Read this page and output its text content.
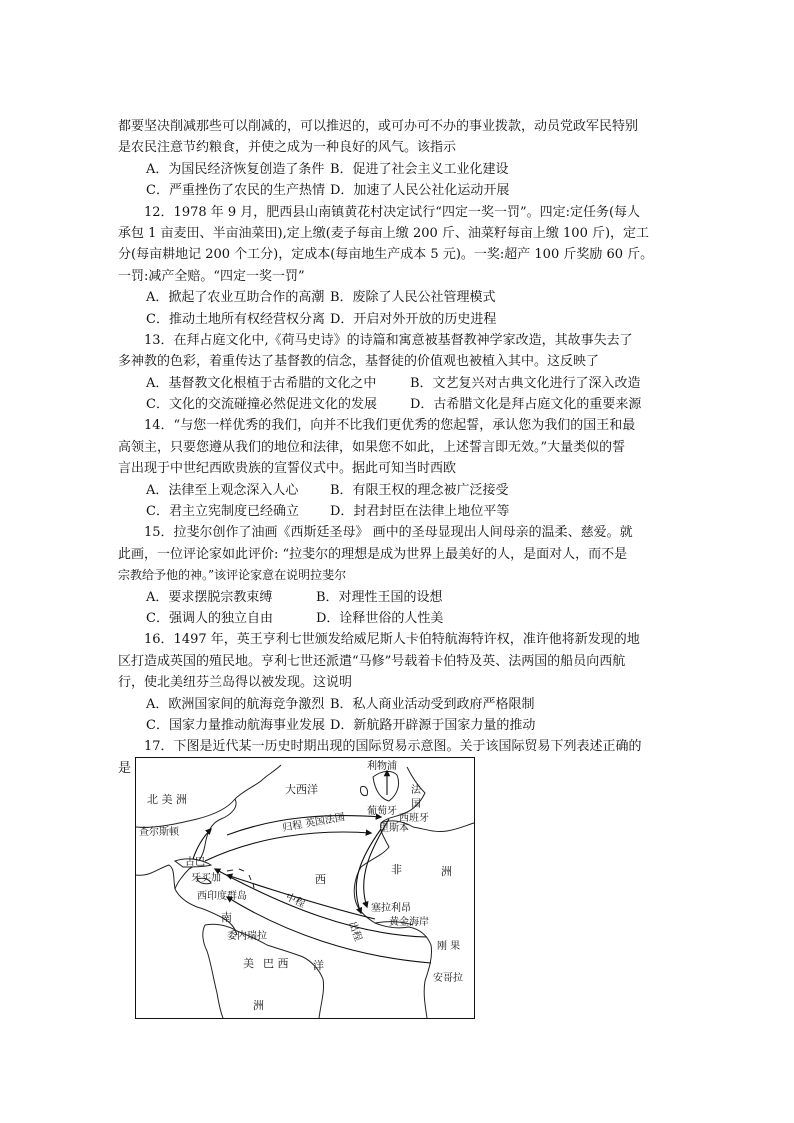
都要坚决削减那些可以削减的，可以推迟的，或可办可不办的事业拨款，动员党政军民特别
是农民注意节约粮食，并使之成为一种良好的风气。该指示
A．为国民经济恢复创造了条件 B．促进了社会主义工业化建设
C．严重挫伤了农民的生产热情 D．加速了人民公社化运动开展
12．1978 年 9 月，肥西县山南镇黄花村决定试行“四定一奖一罚”。四定:定任务(每人
承包 1 亩麦田、半亩油菜田),定上缴(麦子每亩上缴 200 斤、油菜籽每亩上缴 100 斤)，定工
分(每亩耕地记 200 个工分)，定成本(每亩地生产成本 5 元)。一奖:超产 100 斤奖励 60 斤。
一罚:减产全赔。“四定一奖一罚”
A．掀起了农业互助合作的高潮 B．废除了人民公社管理模式
C．推动土地所有权经营权分离 D．开启对外开放的历史进程
13．在拜占庭文化中,《荷马史诗》的诗篇和寓意被基督教神学家改造，其故事失去了
多神教的色彩，着重传达了基督教的信念，基督徒的价值观也被植入其中。这反映了
A．基督教文化根植于古希腊的文化之中	B．文艺复兴对古典文化进行了深入改造
C．文化的交流碰撞必然促进文化的发展	D．古希腊文化是拜占庭文化的重要来源
14．“与您一样优秀的我们，向并不比我们更优秀的您起誓，承认您为我们的国王和最
高领主，只要您遵从我们的地位和法律，如果您不如此，上述誓言即无效。”大量类似的誓
言出现于中世纪西欧贵族的宣誓仪式中。据此可知当时西欧
A．法律至上观念深入人心 B．有限王权的理念被广泛接受
C．君主立宪制度已经确立 D．封君封臣在法律上地位平等
15．拉斐尔创作了油画《西斯廷圣母》 画中的圣母显现出人间母亲的温柔、慈爱。就
此画，一位评论家如此评价: “拉斐尔的理想是成为世界上最美好的人，是面对人，而不是
宗教给予他的神。”该评论家意在说明拉斐尔
A．要求摆脱宗教束缚	B．对理性王国的设想
C．强调人的独立自由	D．诠释世俗的人性美
16．1497 年，英王亨利七世颁发给威尼斯人卡伯特航海特许权，准许他将新发现的地
区打造成英国的殖民地。亨利七世还派遣“马修”号载着卡伯特及英、法两国的船员向西航
行，使北美纽芬兰岛得以被发现。这说明
A．欧洲国家间的航海竞争激烈 B．私人商业活动受到政府严格限制
C．国家力量推动航海事业发展 D．新航路开辟源于国家力量的推动
17．下图是近代某一历史时期出现的国际贸易示意图。关于该国际贸易下列表述正确的
是
北 美 洲
大西洋
利物浦
法
国
葡萄牙
西班牙
里斯本
查尔斯顿	归程 英国法国
古巴
牙买加
西印度群岛
西
非	洲
中程
出程
塞拉利昂
黄金海岸
刚 果
南
委内瑞拉
洋
美 巴 西
洲
安哥拉
